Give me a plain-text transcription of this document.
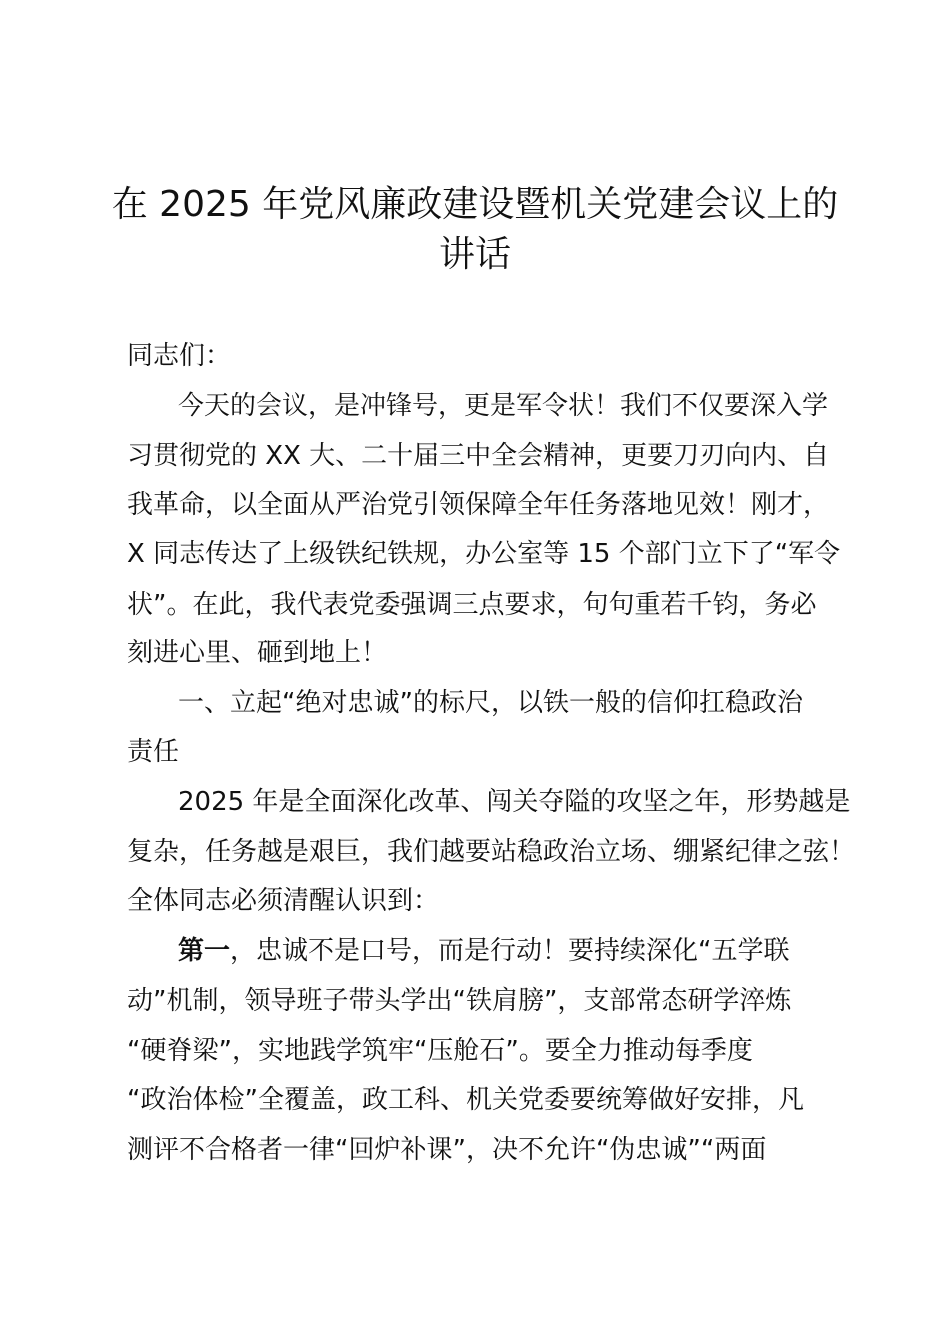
在 2025 年党风廉政建设暨机关党建会议上的
讲话

同志们：

今天的会议，是冲锋号，更是军令状！我们不仅要深入学

习贯彻党的 XX 大、二十届三中全会精神，更要刀刃向内、自

我革命，以全面从严治党引领保障全年任务落地见效！刚才，

X 同志传达了上级铁纪铁规，办公室等 15 个部门立下了“军令

状”。在此，我代表党委强调三点要求，句句重若千钧，务必

刻进心里、砸到地上！

一、立起“绝对忠诚”的标尺，以铁一般的信仰扛稳政治

责任

2025 年是全面深化改革、闯关夺隘的攻坚之年，形势越是

复杂，任务越是艰巨，我们越要站稳政治立场、绷紧纪律之弦！

全体同志必须清醒认识到：

第一，忠诚不是口号，而是行动！要持续深化“五学联

动”机制，领导班子带头学出“铁肩膀”，支部常态研学淬炼

“硬脊梁”，实地践学筑牢“压舱石”。要全力推动每季度

“政治体检”全覆盖，政工科、机关党委要统筹做好安排，凡

测评不合格者一律“回炉补课”，决不允许“伪忠诚”“两面
